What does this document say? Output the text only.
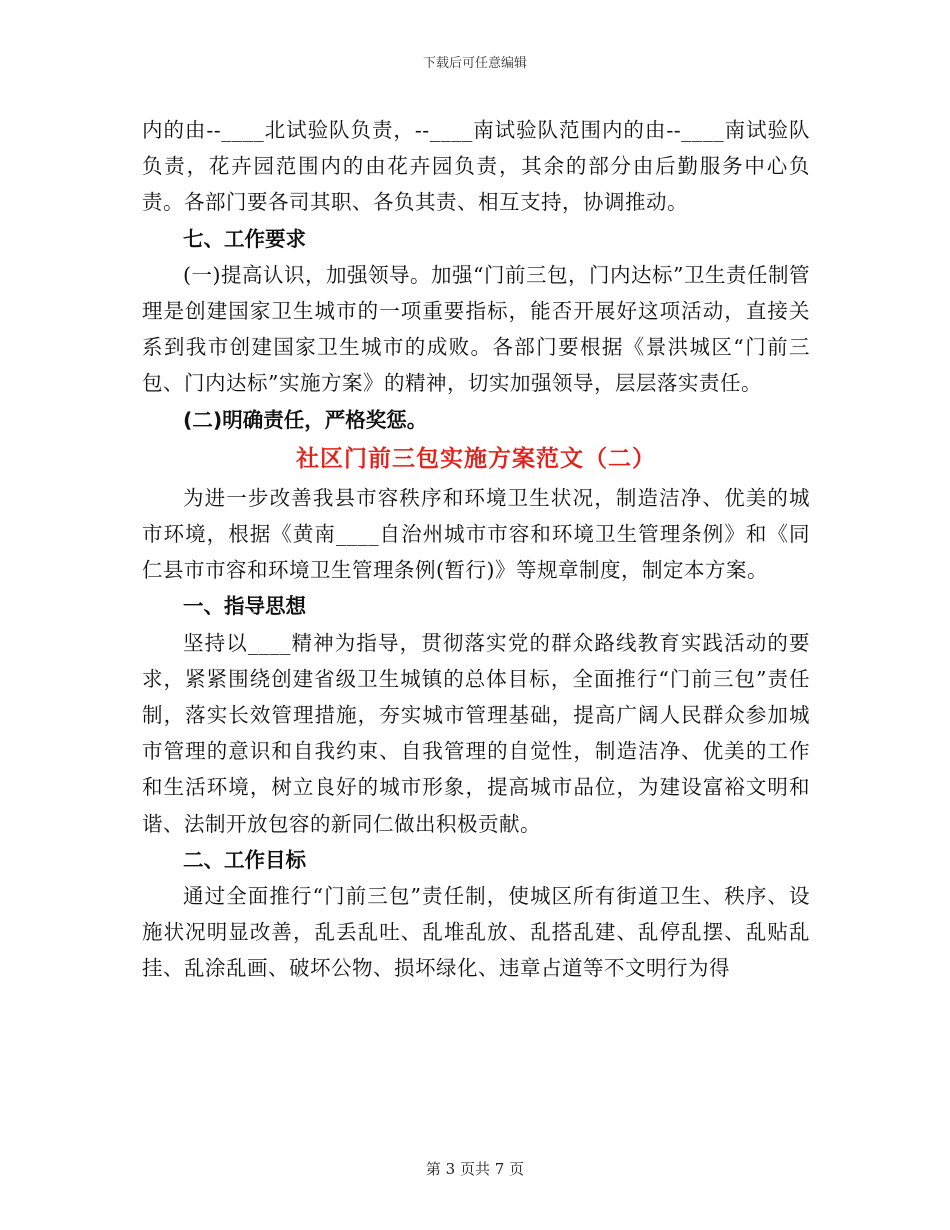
下载后可任意编辑

内的由--____北试验队负责，--____南试验队范围内的由--____南试验队负责，花卉园范围内的由花卉园负责，其余的部分由后勤服务中心负责。各部门要各司其职、各负其责、相互支持，协调推动。

七、工作要求

(一)提高认识，加强领导。加强“门前三包，门内达标”卫生责任制管理是创建国家卫生城市的一项重要指标，能否开展好这项活动，直接关系到我市创建国家卫生城市的成败。各部门要根据《景洪城区“门前三包、门内达标”实施方案》的精神，切实加强领导，层层落实责任。

(二)明确责任，严格奖惩。

社区门前三包实施方案范文（二）

为进一步改善我县市容秩序和环境卫生状况，制造洁净、优美的城市环境，根据《黄南____自治州城市市容和环境卫生管理条例》和《同仁县市市容和环境卫生管理条例(暂行)》等规章制度，制定本方案。

一、指导思想

坚持以____精神为指导，贯彻落实党的群众路线教育实践活动的要求，紧紧围绕创建省级卫生城镇的总体目标，全面推行“门前三包”责任制，落实长效管理措施，夯实城市管理基础，提高广阔人民群众参加城市管理的意识和自我约束、自我管理的自觉性，制造洁净、优美的工作和生活环境，树立良好的城市形象，提高城市品位，为建设富裕文明和谐、法制开放包容的新同仁做出积极贡献。

二、工作目标

通过全面推行“门前三包”责任制，使城区所有街道卫生、秩序、设施状况明显改善，乱丢乱吐、乱堆乱放、乱搭乱建、乱停乱摆、乱贴乱挂、乱涂乱画、破坏公物、损坏绿化、违章占道等不文明行为得

第 3 页共 7 页
